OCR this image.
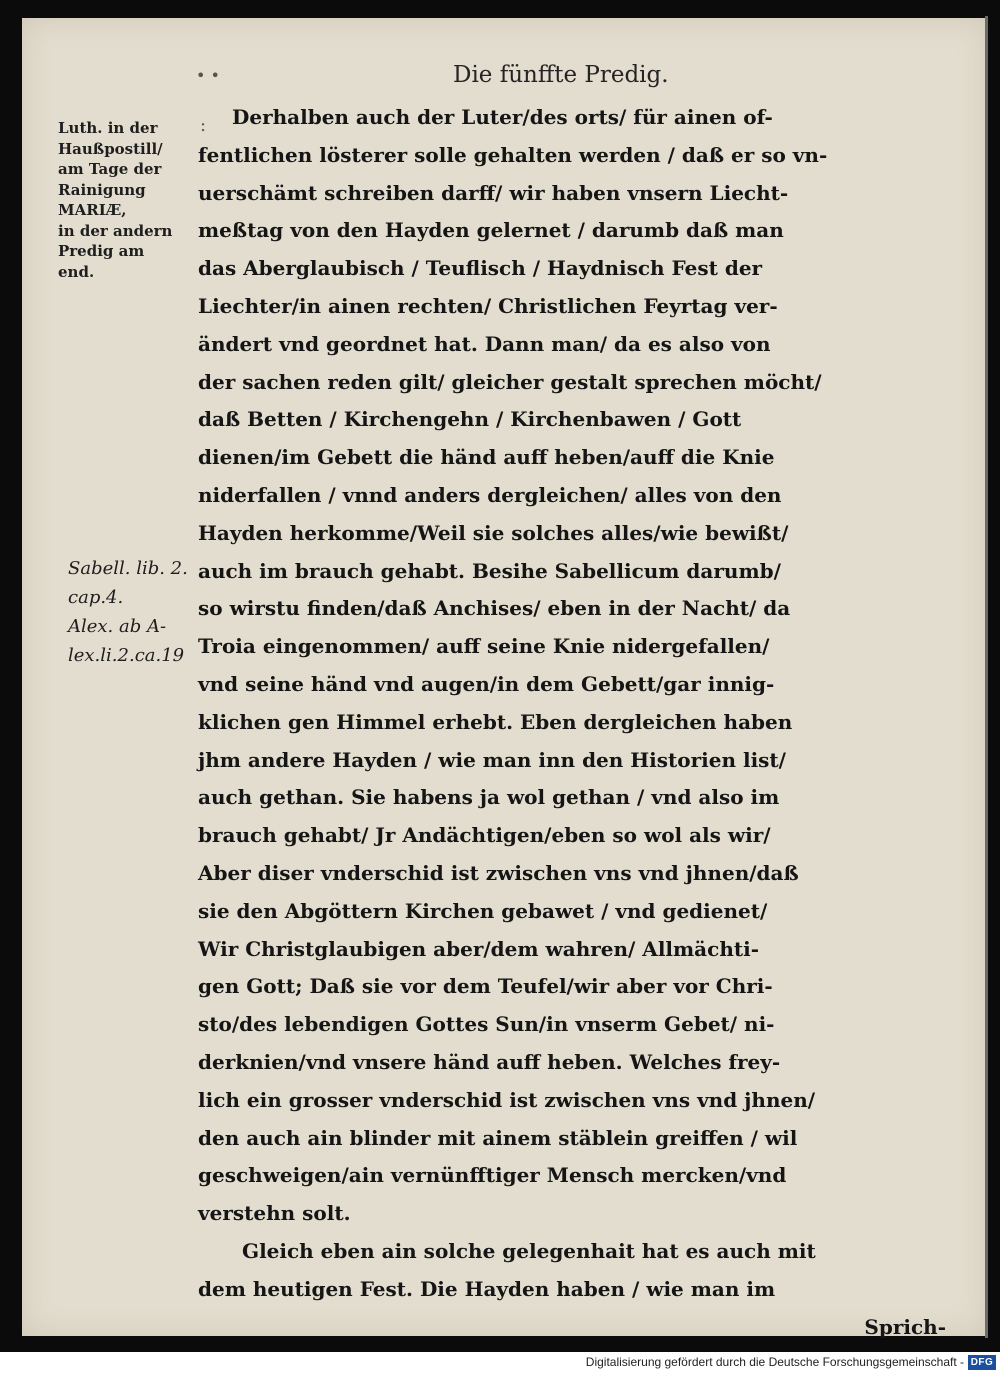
• •	Die fünffte Predig.
:
Luth. in der
Haußpostill/
am Tage der
Rainigung
MARIÆ,
in der andern
Predig am
end.
Sabell. lib. 2.
cap.4.
Alex. ab A-
lex.li.2.ca.19
Derhalben auch der Luter/des orts/ für ainen of-
fentlichen lösterer solle gehalten werden / daß er so vn-
uerschämt schreiben darff/ wir haben vnsern Liecht-
meßtag von den Hayden gelernet / darumb daß man
das Aberglaubisch / Teuflisch / Haydnisch Fest der
Liechter/in ainen rechten/ Christlichen Feyrtag ver-
ändert vnd geordnet hat. Dann man/ da es also von
der sachen reden gilt/ gleicher gestalt sprechen möcht/
daß Betten / Kirchengehn / Kirchenbawen / Gott
dienen/im Gebett die händ auff heben/auff die Knie
niderfallen / vnnd anders dergleichen/ alles von den
Hayden herkomme/Weil sie solches alles/wie bewißt/
auch im brauch gehabt. Besihe Sabellicum darumb/
so wirstu finden/daß Anchises/ eben in der Nacht/ da
Troia eingenommen/ auff seine Knie nidergefallen/
vnd seine händ vnd augen/in dem Gebett/gar innig-
klichen gen Himmel erhebt. Eben dergleichen haben
jhm andere Hayden / wie man inn den Historien list/
auch gethan. Sie habens ja wol gethan / vnd also im
brauch gehabt/ Jr Andächtigen/eben so wol als wir/
Aber diser vnderschid ist zwischen vns vnd jhnen/daß
sie den Abgöttern Kirchen gebawet / vnd gedienet/
Wir Christglaubigen aber/dem wahren/ Allmächti-
gen Gott; Daß sie vor dem Teufel/wir aber vor Chri-
sto/des lebendigen Gottes Sun/in vnserm Gebet/ ni-
derknien/vnd vnsere händ auff heben. Welches frey-
lich ein grosser vnderschid ist zwischen vns vnd jhnen/
den auch ain blinder mit ainem stäblein greiffen / wil
geschweigen/ain vernünfftiger Mensch mercken/vnd
verstehn solt.
Gleich eben ain solche gelegenhait hat es auch mit
dem heutigen Fest. Die Hayden haben / wie man im
Sprich-
Digitalisierung gefördert durch die Deutsche Forschungsgemeinschaft - DFG
